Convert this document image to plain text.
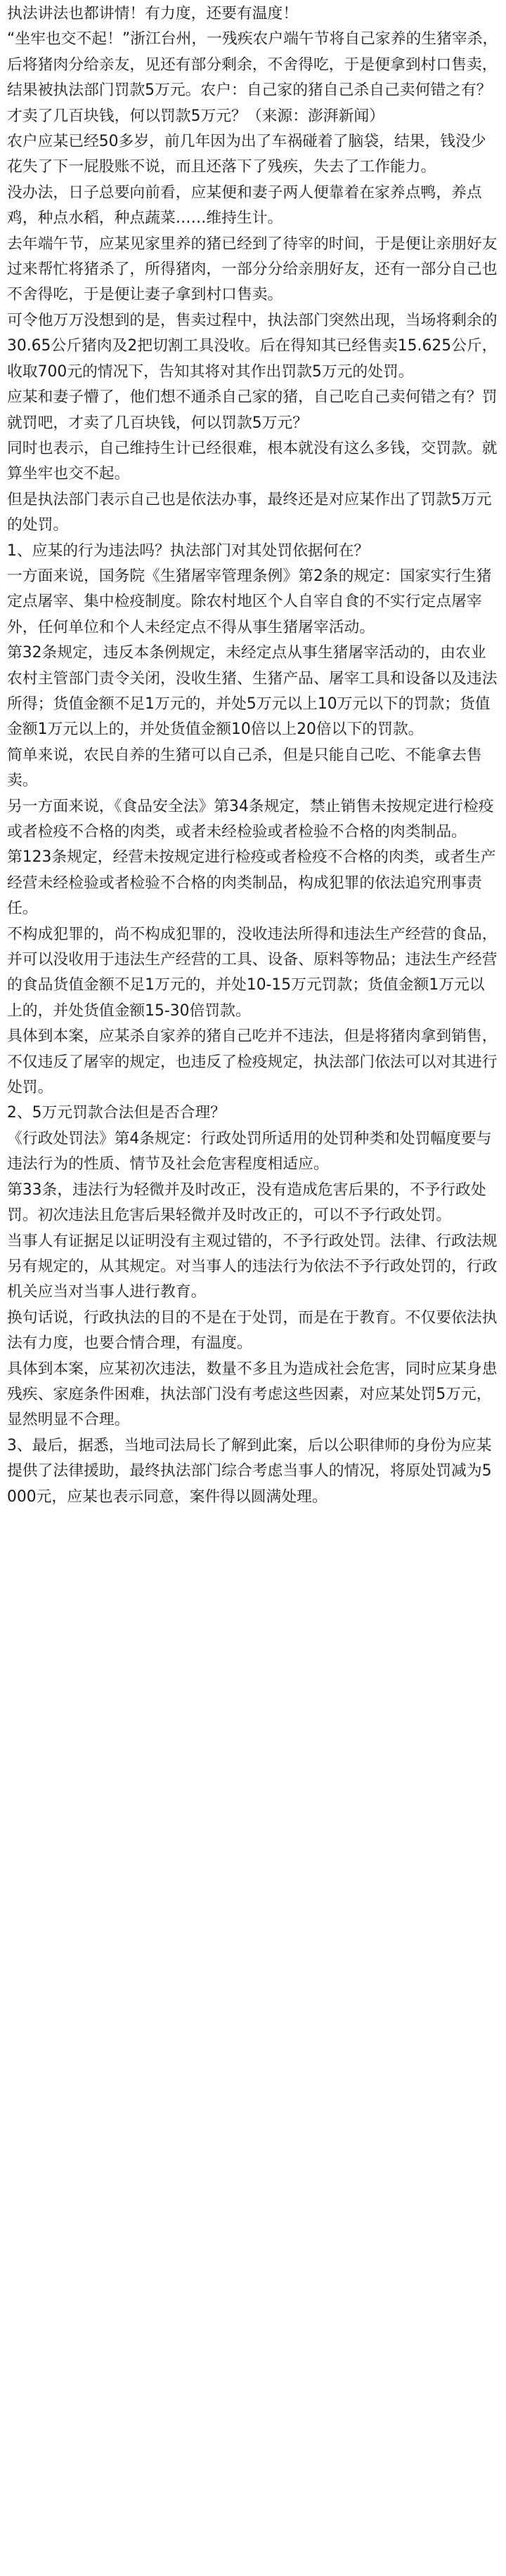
执法讲法也都讲情！有力度，还要有温度！

“坐牢也交不起！”浙江台州，一残疾农户端午节将自己家养的生猪宰杀，后将猪肉分给亲友，见还有部分剩余，不舍得吃，于是便拿到村口售卖，结果被执法部门罚款5万元。农户：自己家的猪自己杀自己卖何错之有？才卖了几百块钱，何以罚款5万元？（来源：澎湃新闻）

农户应某已经50多岁，前几年因为出了车祸碰着了脑袋，结果，钱没少花失了下一屁股账不说，而且还落下了残疾，失去了工作能力。

没办法，日子总要向前看，应某便和妻子两人便靠着在家养点鸭，养点鸡，种点水稻，种点蔬菜……维持生计。

去年端午节，应某见家里养的猪已经到了待宰的时间，于是便让亲朋好友过来帮忙将猪杀了，所得猪肉，一部分分给亲朋好友，还有一部分自己也不舍得吃，于是便让妻子拿到村口售卖。

可令他万万没想到的是，售卖过程中，执法部门突然出现，当场将剩余的30.65公斤猪肉及2把切割工具没收。后在得知其已经售卖15.625公斤，收取700元的情况下，告知其将对其作出罚款5万元的处罚。

应某和妻子懵了，他们想不通杀自己家的猪，自己吃自己卖何错之有？罚就罚吧，才卖了几百块钱，何以罚款5万元？

同时也表示，自己维持生计已经很难，根本就没有这么多钱，交罚款。就算坐牢也交不起。

但是执法部门表示自己也是依法办事，最终还是对应某作出了罚款5万元的处罚。

1、应某的行为违法吗？执法部门对其处罚依据何在？

一方面来说，国务院《生猪屠宰管理条例》第2条的规定：国家实行生猪定点屠宰、集中检疫制度。除农村地区个人自宰自食的不实行定点屠宰外，任何单位和个人未经定点不得从事生猪屠宰活动。

第32条规定，违反本条例规定，未经定点从事生猪屠宰活动的，由农业农村主管部门责令关闭，没收生猪、生猪产品、屠宰工具和设备以及违法所得；货值金额不足1万元的，并处5万元以上10万元以下的罚款；货值金额1万元以上的，并处货值金额10倍以上20倍以下的罚款。

简单来说，农民自养的生猪可以自己杀，但是只能自己吃、不能拿去售卖。

另一方面来说，《食品安全法》第34条规定，禁止销售未按规定进行检疫或者检疫不合格的肉类，或者未经检验或者检验不合格的肉类制品。

第123条规定，经营未按规定进行检疫或者检疫不合格的肉类，或者生产经营未经检验或者检验不合格的肉类制品，构成犯罪的依法追究刑事责任。

不构成犯罪的，尚不构成犯罪的，没收违法所得和违法生产经营的食品，并可以没收用于违法生产经营的工具、设备、原料等物品；违法生产经营的食品货值金额不足1万元的，并处10-15万元罚款；货值金额1万元以上的，并处货值金额15-30倍罚款。

具体到本案，应某杀自家养的猪自己吃并不违法，但是将猪肉拿到销售，不仅违反了屠宰的规定，也违反了检疫规定，执法部门依法可以对其进行处罚。

2、5万元罚款合法但是否合理？

《行政处罚法》第4条规定：行政处罚所适用的处罚种类和处罚幅度要与违法行为的性质、情节及社会危害程度相适应。

第33条，违法行为轻微并及时改正，没有造成危害后果的，不予行政处罚。初次违法且危害后果轻微并及时改正的，可以不予行政处罚。

当事人有证据足以证明没有主观过错的，不予行政处罚。法律、行政法规另有规定的，从其规定。对当事人的违法行为依法不予行政处罚的，行政机关应当对当事人进行教育。

换句话说，行政执法的目的不是在于处罚，而是在于教育。不仅要依法执法有力度，也要合情合理，有温度。

具体到本案，应某初次违法，数量不多且为造成社会危害，同时应某身患残疾、家庭条件困难，执法部门没有考虑这些因素，对应某处罚5万元，显然明显不合理。

3、最后，据悉，当地司法局长了解到此案，后以公职律师的身份为应某提供了法律援助，最终执法部门综合考虑当事人的情况，将原处罚减为5000元，应某也表示同意，案件得以圆满处理。
